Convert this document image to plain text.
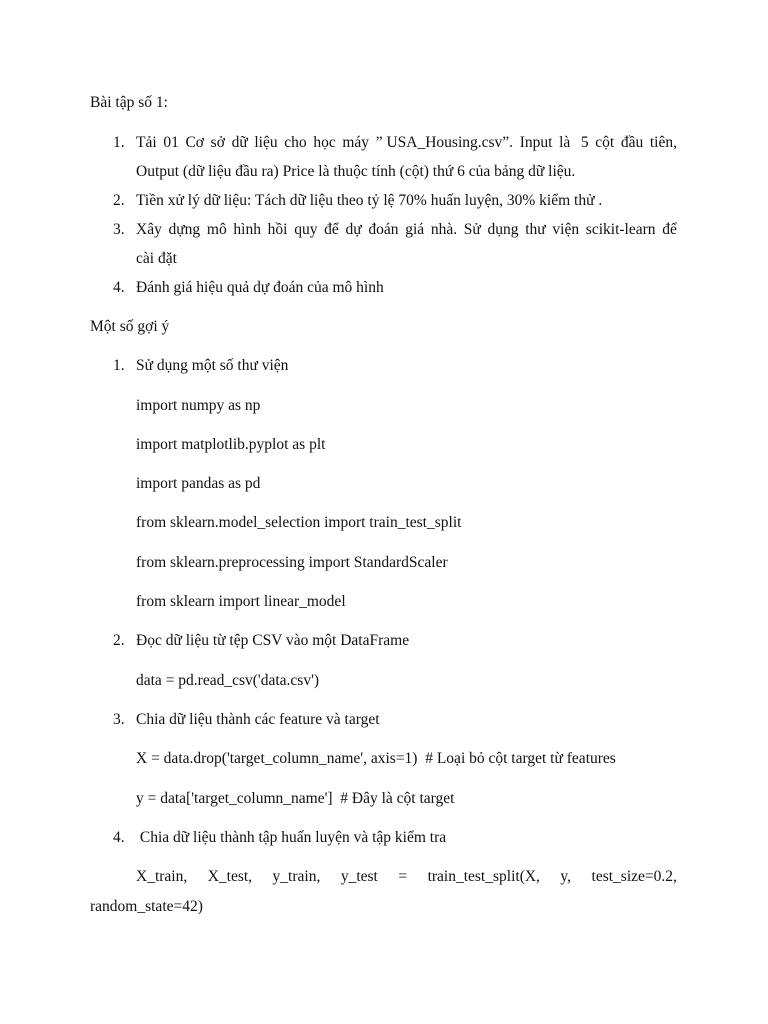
Bài tập số 1:
1. Tải 01 Cơ sở dữ liệu cho học máy ” USA_Housing.csv”. Input là 5 cột đầu tiên,
Output (dữ liệu đầu ra) Price là thuộc tính (cột) thứ 6 của bảng dữ liệu.
2. Tiền xử lý dữ liệu: Tách dữ liệu theo tỷ lệ 70% huấn luyện, 30% kiểm thử .
3. Xây dựng mô hình hồi quy để dự đoán giá nhà. Sử dụng thư viện scikit-learn để
cài đặt
4. Đánh giá hiệu quả dự đoán của mô hình
Một số gợi ý
1. Sử dụng một số thư viện
import numpy as np
import matplotlib.pyplot as plt
import pandas as pd
from sklearn.model_selection import train_test_split
from sklearn.preprocessing import StandardScaler
from sklearn import linear_model
2. Đọc dữ liệu từ tệp CSV vào một DataFrame
data = pd.read_csv('data.csv')
3. Chia dữ liệu thành các feature và target
X = data.drop('target_column_name', axis=1)  # Loại bỏ cột target từ features
y = data['target_column_name']  # Đây là cột target
4. Chia dữ liệu thành tập huấn luyện và tập kiểm tra
X_train, X_test, y_train, y_test = train_test_split(X, y, test_size=0.2,
random_state=42)
